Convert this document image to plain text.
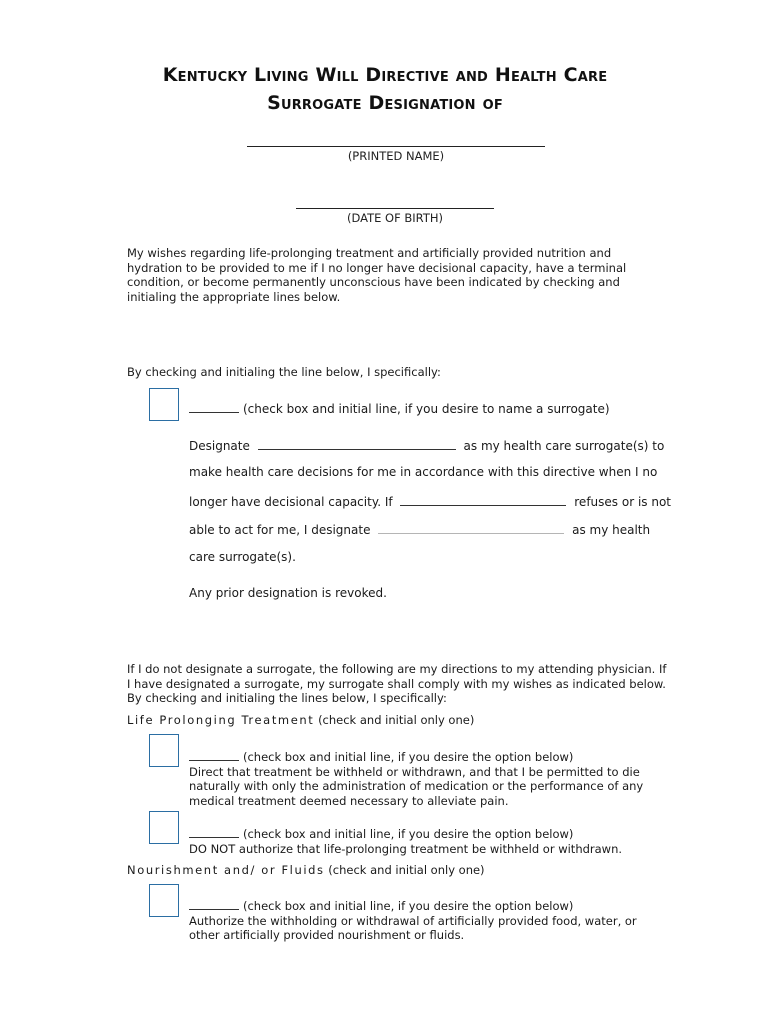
Kentucky Living Will Directive and Health Care
Surrogate Designation of
(PRINTED NAME)
(DATE OF BIRTH)
My wishes regarding life-prolonging treatment and artificially provided nutrition and hydration to be provided to me if I no longer have decisional capacity, have a terminal condition, or become permanently unconscious have been indicated by checking and initialing the appropriate lines below.
By checking and initialing the line below, I specifically:
(check box and initial line, if you desire to name a surrogate)
Designate	as my health care surrogate(s) to
make health care decisions for me in accordance with this directive when I no
longer have decisional capacity. If	refuses or is not
able to act for me, I designate	as my health
care surrogate(s).
Any prior designation is revoked.
If I do not designate a surrogate, the following are my directions to my attending physician. If I have designated a surrogate, my surrogate shall comply with my wishes as indicated below. By checking and initialing the lines below, I specifically:
Life Prolonging Treatment (check and initial only one)
(check box and initial line, if you desire the option below)
Direct that treatment be withheld or withdrawn, and that I be permitted to die naturally with only the administration of medication or the performance of any medical treatment deemed necessary to alleviate pain.
(check box and initial line, if you desire the option below)
DO NOT authorize that life-prolonging treatment be withheld or withdrawn.
Nourishment and/ or Fluids (check and initial only one)
(check box and initial line, if you desire the option below)
Authorize the withholding or withdrawal of artificially provided food, water, or other artificially provided nourishment or fluids.
